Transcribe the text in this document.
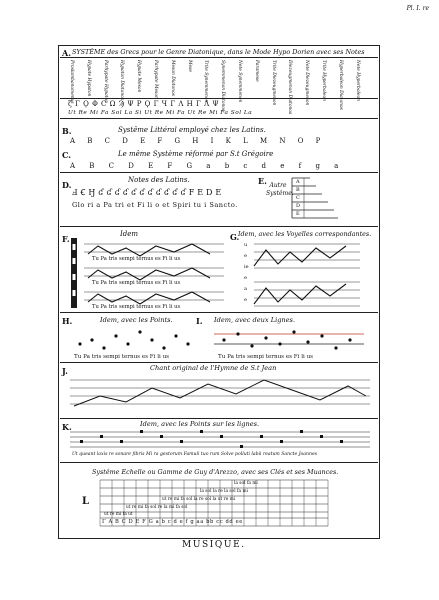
Pl. I. re
A.
B.
C.
D.	E.
F.	G.
H.	I.
J.
K.
SYSTÊME des Grecs pour le Genre Diatonique, dans le Mode Hypo Dorien avec ses Notes
Proslambanomenos	Hypate Hypaton	Parhypate Hypaton	Hypaton Diatonos	Hypate Meson	Parhypate Meson	Meson Diatonos	Mese	Trite Synemmenon	Synemmenon Diatonos	Nete Synemmenon	Paramese	Trite Diezeugmenon	Diezeugmenon Diatonos	Nete Diezeugmenon	Trite Hyperboleon	Hyperboleon Diatonos	Nete Hyperboleon
ζ Γ Ϙ Φ C Ω Ϡ Ψ Ρ Ϙ Γ Ч Γ Λ Η Γ Λ Ψ
Ut Re Mi Fa Sol La Si Ut Re Mi Fa Ut Re Mi Fa Sol La
Systême Littéral employé chez les Latins.
A B C D E F G H I K L M N O P
Le même Système réformé par S.t Grégoire
A B C D E F G a b c d e f g a
Notes des Latins.
Ⅎ Ꞓ Ꜧ ʛ ʛ ʛ ʛ ʛ ʛ ʛ ʛ ʛ ʛ ʛ F E D E
Glo ri a Pa tri et Fi li o et Spiri tu i Sancto.
Autre Systême.
A
B
C
D
E
Idem	Idem, avec les Voyelles correspondantes.
Tu Pa tris sempi ternus es Fi li us
Tu Pa tris sempi ternus es Fi li us
Tu Pa tris sempi ternus es Fi li us
u
e
ie
e
a
e
Idem, avec les Points.	Idem, avec deux Lignes.
Tu Pa tris sempi ternus es Fi li us	Tu Pa tris sempi ternus es Fi li us
Chant original de l'Hymne de S.t Jean
Idem, avec les Points sur les lignes.
Ut queant laxis re sonare fibris Mi ra gestorum Famuli tuo rum Solve polluti labii reatum Sancte Joannes
Systême Echelle ou Gamme de Guy d'Arezzo, avec ses Clés et ses Muances.
L
la sol fa mi
la sol la re la sol fa mi
ut re mi fa sol la re sol la ut re mi
ut re mi fa sol re la mi fa sol
ut re mi fa ut
Γ A B C D E F G a b c d e f g aa bb cc dd ee
MUSIQUE.
